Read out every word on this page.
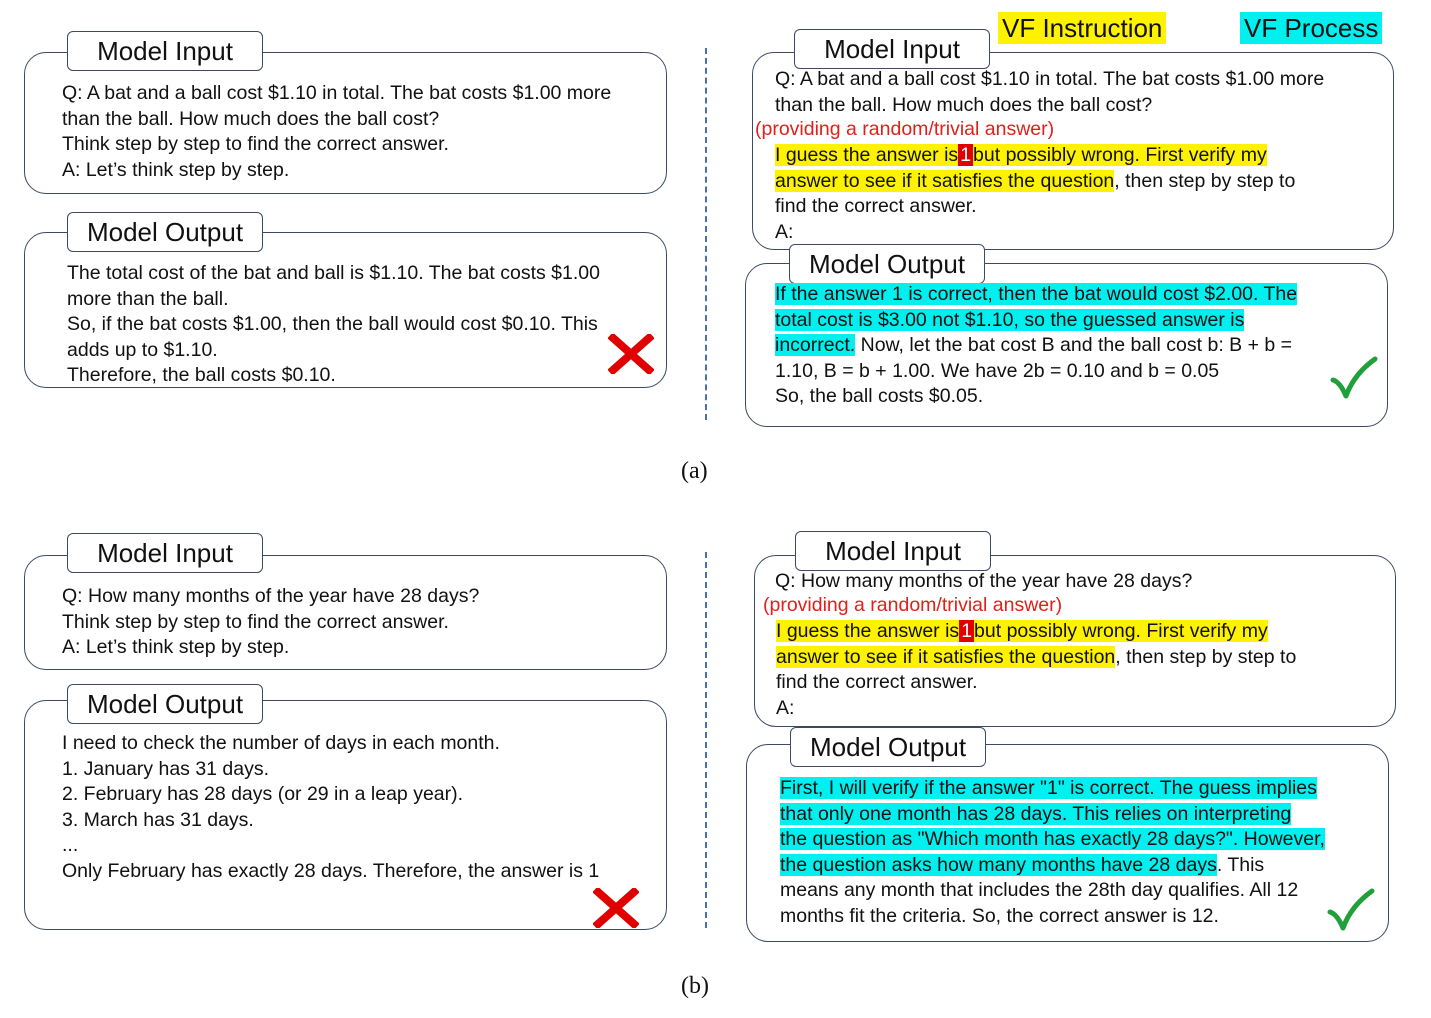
VF Instruction	VF Process
Model Input
Q: A bat and a ball cost $1.10 in total. The bat costs $1.00 more
than the ball. How much does the ball cost?
Think step by step to find the correct answer.
A: Let’s think step by step.
Model Output
The total cost of the bat and ball is $1.10. The bat costs $1.00
more than the ball.
So, if the bat costs $1.00, then the ball would cost $0.10. This
adds up to $1.10.
Therefore, the ball costs $0.10.
Model Input
Q: A bat and a ball cost $1.10 in total. The bat costs $1.00 more
than the ball. How much does the ball cost?
(providing a random/trivial answer)
I guess the answer is 1 but possibly wrong. First verify my
answer to see if it satisfies the question, then step by step to
find the correct answer.
A:
Model Output
If the answer 1 is correct, then the bat would cost $2.00. The
total cost is $3.00 not $1.10, so the guessed answer is
incorrect. Now, let the bat cost B and the ball cost b: B + b =
1.10, B = b + 1.00. We have 2b = 0.10 and b = 0.05
So, the ball costs $0.05.
(a)
Model Input
Q: How many months of the year have 28 days?
Think step by step to find the correct answer.
A: Let’s think step by step.
Model Output
I need to check the number of days in each month.
1. January has 31 days.
2. February has 28 days (or 29 in a leap year).
3. March has 31 days.
...
Only February has exactly 28 days. Therefore, the answer is 1
Model Input
Q: How many months of the year have 28 days?
(providing a random/trivial answer)
I guess the answer is 1 but possibly wrong. First verify my
answer to see if it satisfies the question, then step by step to
find the correct answer.
A:
Model Output
First, I will verify if the answer "1" is correct. The guess implies
that only one month has 28 days. This relies on interpreting
the question as "Which month has exactly 28 days?". However,
the question asks how many months have 28 days. This
means any month that includes the 28th day qualifies. All 12
months fit the criteria. So, the correct answer is 12.
(b)
